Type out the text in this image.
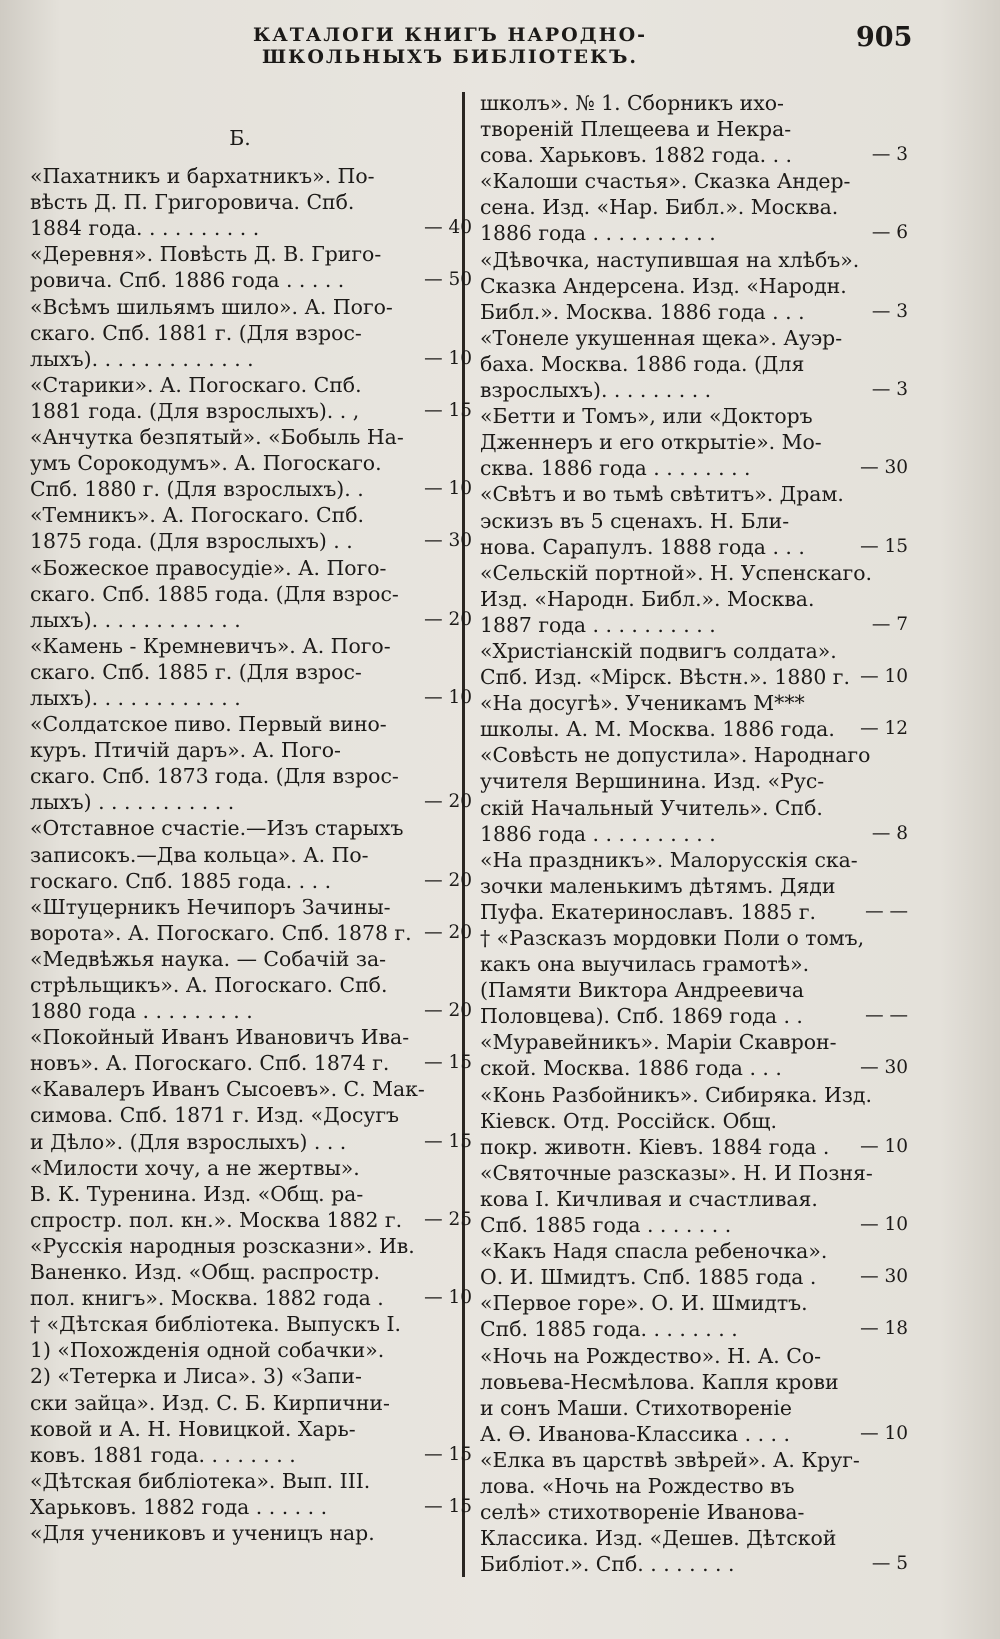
КАТАЛОГИ КНИГЪ НАРОДНО-ШКОЛЬНЫХЪ БИБЛІОТЕКЪ.
905
Б.
«Пахатникъ и бархатникъ». По-
вѣсть Д. П. Григоровича. Спб.
1884 года. . . . . . . . . .	— 40
«Деревня». Повѣсть Д. В. Григо-
ровича. Спб. 1886 года . . . . .	— 50
«Всѣмъ шильямъ шило». А. Пого-
скаго. Спб. 1881 г. (Для взрос-
лыхъ). . . . . . . . . . . . .	— 10
«Старики». А. Погоскаго. Спб.
1881 года. (Для взрослыхъ). . ,	— 15
«Анчутка безпятый». «Бобыль На-
умъ Сорокодумъ». А. Погоскаго.
Спб. 1880 г. (Для взрослыхъ). .	— 10
«Темникъ». А. Погоскаго. Спб.
1875 года. (Для взрослыхъ) . .	— 30
«Божеское правосудіе». А. Пого-
скаго. Спб. 1885 года. (Для взрос-
лыхъ). . . . . . . . . . . .	— 20
«Камень - Кремневичъ». А. Пого-
скаго. Спб. 1885 г. (Для взрос-
лыхъ). . . . . . . . . . . .	— 10
«Солдатское пиво. Первый вино-
куръ. Птичій даръ». А. Пого-
скаго. Спб. 1873 года. (Для взрос-
лыхъ) . . . . . . . . . . .	— 20
«Отставное счастіе.—Изъ старыхъ
записокъ.—Два кольца». А. По-
госкаго. Спб. 1885 года. . . .	— 20
«Штуцерникъ Нечипоръ Зачины-
ворота». А. Погоскаго. Спб. 1878 г. — 20
«Медвѣжья наука. — Собачій за-
стрѣльщикъ». А. Погоскаго. Спб.
1880 года . . . . . . . . .	— 20
«Покойный Иванъ Ивановичъ Ива-
новъ». А. Погоскаго. Спб. 1874 г.	— 15
«Кавалеръ Иванъ Сысоевъ». С. Мак-
симова. Спб. 1871 г. Изд. «Досугъ
и Дѣло». (Для взрослыхъ) . . .	— 15
«Милости хочу, а не жертвы».
В. К. Туренина. Изд. «Общ. ра-
спростр. пол. кн.». Москва 1882 г.	— 25
«Русскія народныя розсказни». Ив.
Ваненко. Изд. «Общ. распростр.
пол. книгъ». Москва. 1882 года .	— 10
† «Дѣтская библіотека. Выпускъ I.
1) «Похожденія одной собачки».
2) «Тетерка и Лиса». 3) «Запи-
ски зайца». Изд. С. Б. Кирпични-
ковой и А. Н. Новицкой. Харь-
ковъ. 1881 года. . . . . . . .	— 15
«Дѣтская библіотека». Вып. III.
Харьковъ. 1882 года . . . . . .	— 15
«Для учениковъ и ученицъ нар.
школъ». № 1. Сборникъ ихо-
твореній Плещеева и Некра-
сова. Харьковъ. 1882 года. . .	— 3
«Калоши счастья». Сказка Андер-
сена. Изд. «Нар. Библ.». Москва.
1886 года . . . . . . . . . .	— 6
«Дѣвочка, наступившая на хлѣбъ».
Сказка Андерсена. Изд. «Народн.
Библ.». Москва. 1886 года . . .	— 3
«Тонеле укушенная щека». Ауэр-
баха. Москва. 1886 года. (Для
взрослыхъ). . . . . . . . .	— 3
«Бетти и Томъ», или «Докторъ
Дженнеръ и его открытіе». Мо-
сква. 1886 года . . . . . . . .	— 30
«Свѣтъ и во тьмѣ свѣтитъ». Драм.
эскизъ въ 5 сценахъ. Н. Бли-
нова. Сарапулъ. 1888 года . . .	— 15
«Сельскій портной». Н. Успенскаго.
Изд. «Народн. Библ.». Москва.
1887 года . . . . . . . . . .	— 7
«Христіанскій подвигъ солдата».
Спб. Изд. «Мірск. Вѣстн.». 1880 г. — 10
«На досугѣ». Ученикамъ М***
школы. А. М. Москва. 1886 года.	— 12
«Совѣсть не допустила». Народнаго
учителя Вершинина. Изд. «Рус-
скій Начальный Учитель». Спб.
1886 года . . . . . . . . . .	— 8
«На праздникъ». Малорусскія ска-
зочки маленькимъ дѣтямъ. Дяди
Пуфа. Екатеринославъ. 1885 г.	— —
† «Разсказъ мордовки Поли о томъ,
какъ она выучилась грамотѣ».
(Памяти Виктора Андреевича
Половцева). Спб. 1869 года . .	— —
«Муравейникъ». Маріи Скаврон-
ской. Москва. 1886 года . . .	— 30
«Конь Разбойникъ». Сибиряка. Изд.
Кіевск. Отд. Россійск. Общ.
покр. животн. Кіевъ. 1884 года .	— 10
«Святочные разсказы». Н. И Позня-
кова I. Кичливая и счастливая.
Спб. 1885 года . . . . . . .	— 10
«Какъ Надя спасла ребеночка».
О. И. Шмидтъ. Спб. 1885 года .	— 30
«Первое горе». О. И. Шмидтъ.
Спб. 1885 года. . . . . . . .	— 18
«Ночь на Рождество». Н. А. Со-
ловьева-Несмѣлова. Капля крови
и сонъ Маши. Стихотвореніе
А. Ѳ. Иванова-Классика . . . .	— 10
«Елка въ царствѣ звѣрей». А. Круг-
лова. «Ночь на Рождество въ
селѣ» стихотвореніе Иванова-
Классика. Изд. «Дешев. Дѣтской
Библіот.». Спб. . . . . . . .	— 5
